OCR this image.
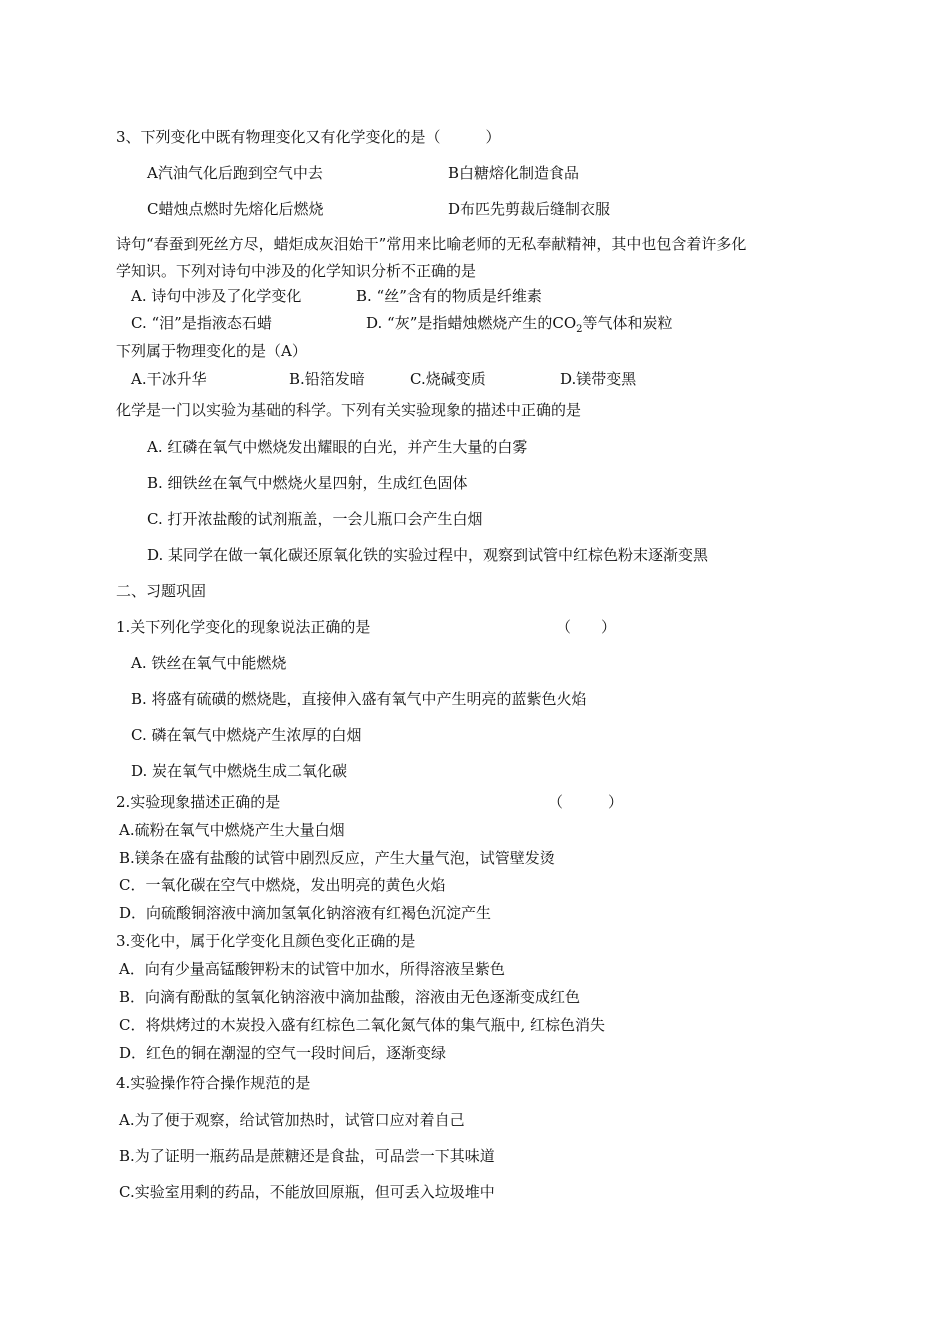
3、下列变化中既有物理变化又有化学变化的是（　　　）

A汽油气化后跑到空气中去	B白糖熔化制造食品
C蜡烛点燃时先熔化后燃烧	D布匹先剪裁后缝制衣服

诗句“春蚕到死丝方尽，蜡炬成灰泪始干”常用来比喻老师的无私奉献精神，其中也包含着许多化

学知识。下列对诗句中涉及的化学知识分析不正确的是

A. 诗句中涉及了化学变化	B. “丝”含有的物质是纤维素
C. “泪”是指液态石蜡	D. “灰”是指蜡烛燃烧产生的$CO_2$等气体和炭粒

下列属于物理变化的是（A）

A.干冰升华	B.铅箔发暗	C.烧碱变质	D.镁带变黑

化学是一门以实验为基础的科学。下列有关实验现象的描述中正确的是

A. 红磷在氧气中燃烧发出耀眼的白光，并产生大量的白雾

B. 细铁丝在氧气中燃烧火星四射，生成红色固体

C. 打开浓盐酸的试剂瓶盖，一会儿瓶口会产生白烟

D. 某同学在做一氧化碳还原氧化铁的实验过程中，观察到试管中红棕色粉末逐渐变黑

二、习题巩固

1.关下列化学变化的现象说法正确的是	（　　）

A. 铁丝在氧气中能燃烧

B. 将盛有硫磺的燃烧匙，直接伸入盛有氧气中产生明亮的蓝紫色火焰

C. 磷在氧气中燃烧产生浓厚的白烟

D. 炭在氧气中燃烧生成二氧化碳

2.实验现象描述正确的是	（　　　）

A.硫粉在氧气中燃烧产生大量白烟

B.镁条在盛有盐酸的试管中剧烈反应，产生大量气泡，试管壁发烫

C．一氧化碳在空气中燃烧，发出明亮的黄色火焰

D．向硫酸铜溶液中滴加氢氧化钠溶液有红褐色沉淀产生

3.变化中，属于化学变化且颜色变化正确的是

A．向有少量高锰酸钾粉末的试管中加水，所得溶液呈紫色

B．向滴有酚酞的氢氧化钠溶液中滴加盐酸，溶液由无色逐渐变成红色

C．将烘烤过的木炭投入盛有红棕色二氧化氮气体的集气瓶中, 红棕色消失

D．红色的铜在潮湿的空气一段时间后，逐渐变绿

4.实验操作符合操作规范的是

A.为了便于观察，给试管加热时，试管口应对着自己

B.为了证明一瓶药品是蔗糖还是食盐，可品尝一下其味道

C.实验室用剩的药品，不能放回原瓶，但可丢入垃圾堆中
